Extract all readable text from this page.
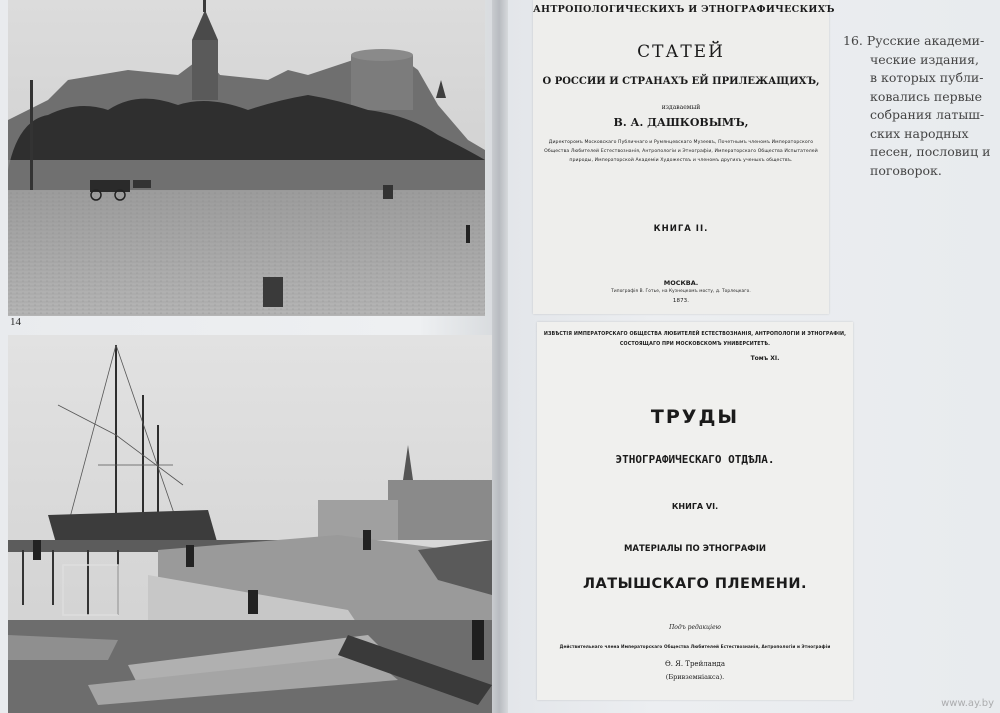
14
АНТРОПОЛОГИЧЕСКИХЪ И ЭТНОГРАФИЧЕСКИХЪ
СТАТЕЙ
О РОССИИ И СТРАНАХЪ ЕЙ ПРИЛЕЖАЩИХЪ,
издаваемый
В. А. ДАШКОВЫМЪ,
Директоромъ Московскаго Публичнаго и Румянцевскаго Музеевъ, Почетнымъ членомъ Императорского
Общества Любителей Естествознанія, Антропологіи и Этнографіи, Императорскаго Общества Испытателей
природы, Императорской Академіи Художествъ и членомъ другихъ ученыхъ обществъ.
КНИГА II.
МОСКВА.
Типографія В. Готье, на Кузнецкомъ мосту, д. Торлецкаго.
1873.
ИЗВѢСТІЯ ИМПЕРАТОРСКАГО ОБЩЕСТВА ЛЮБИТЕЛЕЙ ЕСТЕСТВОЗНАНІЯ, АНТРОПОЛОГІИ И ЭТНОГРАФІИ,
СОСТОЯЩАГО ПРИ МОСКОВСКОМЪ УНИВЕРСИТЕТѢ.
Томъ XI.
ТРУДЫ
ЭТНОГРАФИЧЕСКАГО ОТДѢЛА.
КНИГА VI.
МАТЕРІАЛЫ ПО ЭТНОГРАФІИ
ЛАТЫШСКАГО ПЛЕМЕНИ.
Подъ редакціею
Действительнаго члена Императорскаго Общества Любителей Естествознанія, Антропологіи и Этнографіи
Ѳ. Я. Трейланда
(Бривземніакса).
16. Русские академи-
ческие издания,
в которых публи-
ковались первые
собрания латыш-
ских народных
песен, пословиц и
поговорок.
www.ay.by
